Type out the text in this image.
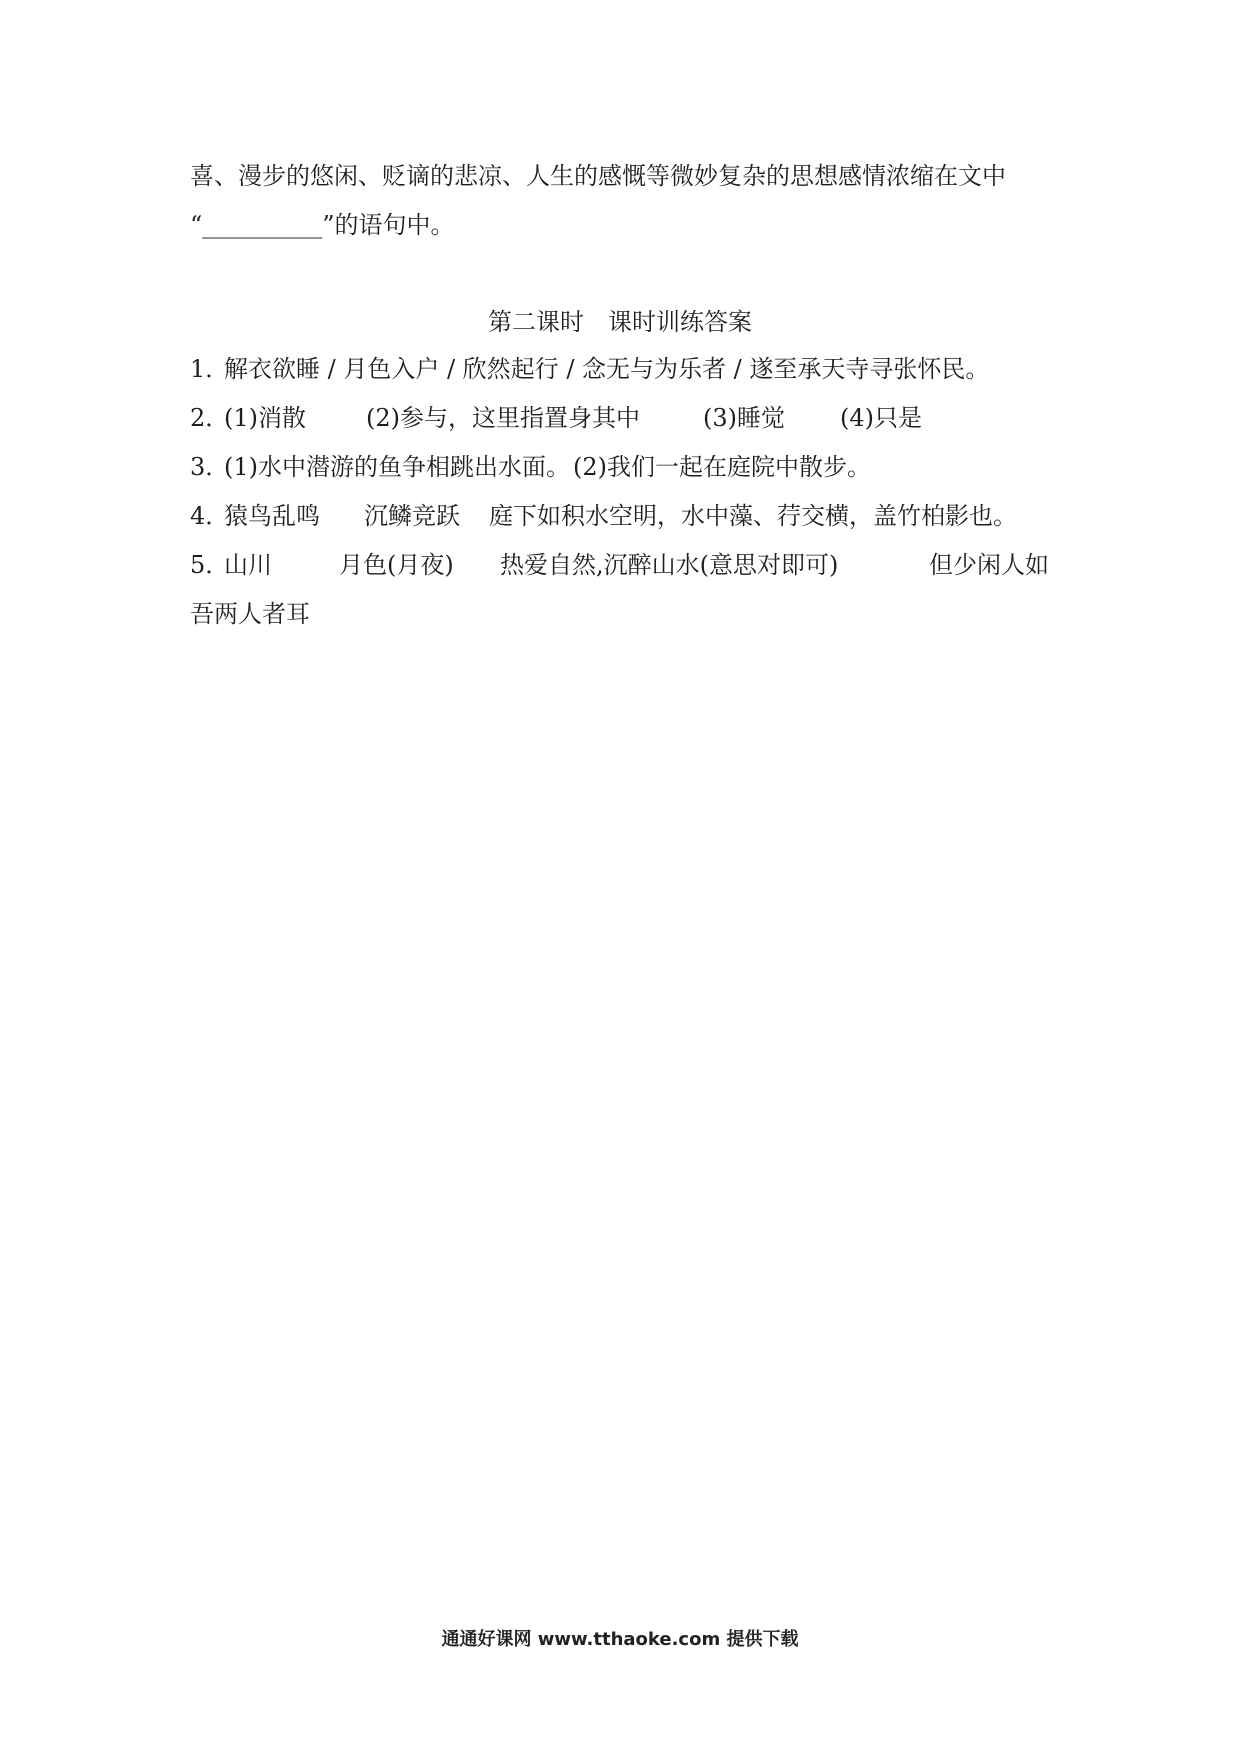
喜、漫步的悠闲、贬谪的悲凉、人生的感慨等微妙复杂的思想感情浓缩在文中
“__________”的语句中。
第二课时　课时训练答案
1．
解衣欲睡 / 月色入户 / 欣然起行 / 念无与为乐者 / 遂至承天寺寻张怀民。
2．
(1)消散	(2)参与，这里指置身其中	(3)睡觉 (4)只是
3．
(1)水中潜游的鱼争相跳出水面。 (2)我们一起在庭院中散步。
4．
猿鸟乱鸣 沉鳞竞跃 庭下如积水空明，水中藻、荇交横，盖竹柏影也。
5．
山川	月色(月夜) 热爱自然,沉醉山水(意思对即可)	但少闲人如
吾两人者耳
通通好课网 www.tthaoke.com 提供下载
